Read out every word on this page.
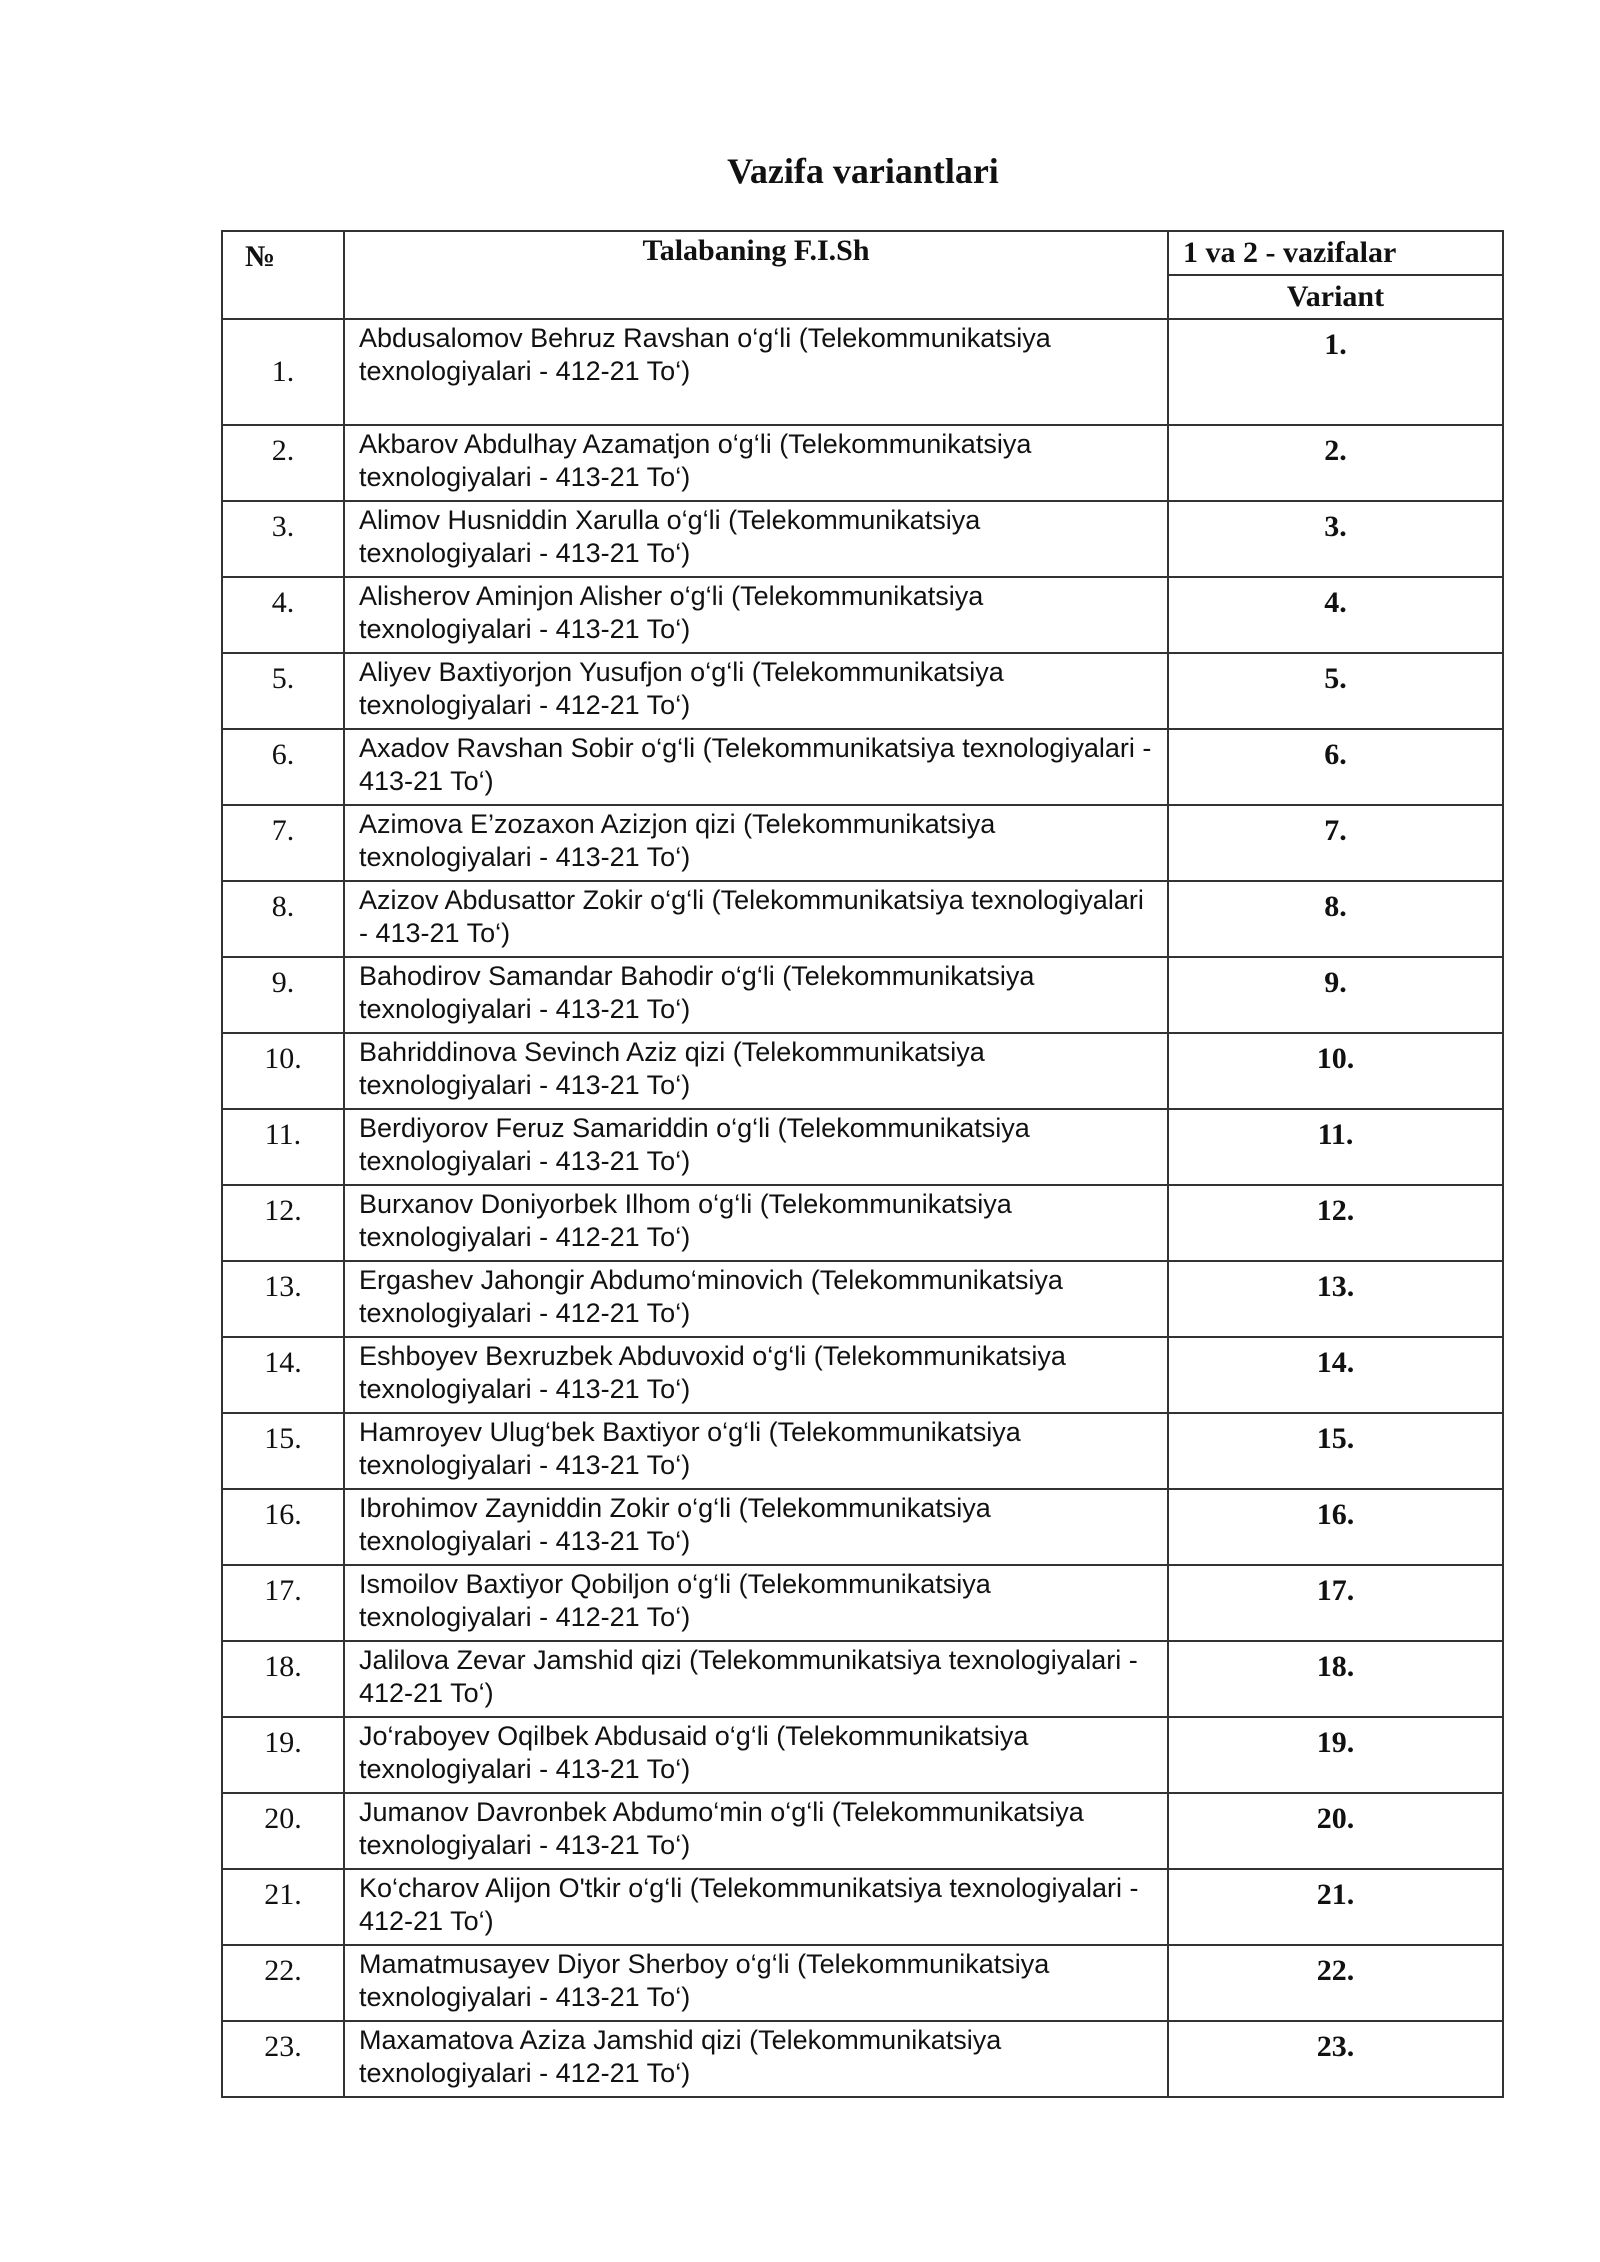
Vazifa variantlari
№	Talabaning F.I.Sh	1 va 2 - vazifalar
		Variant
1.	Abdusalomov Behruz Ravshan o‘g‘li (Telekommunikatsiya texnologiyalari - 412-21 To‘)	1.
2.	Akbarov Abdulhay Azamatjon o‘g‘li (Telekommunikatsiya texnologiyalari - 413-21 To‘)	2.
3.	Alimov Husniddin Xarulla o‘g‘li (Telekommunikatsiya texnologiyalari - 413-21 To‘)	3.
4.	Alisherov Aminjon Alisher o‘g‘li (Telekommunikatsiya texnologiyalari - 413-21 To‘)	4.
5.	Aliyev Baxtiyorjon Yusufjon o‘g‘li (Telekommunikatsiya texnologiyalari - 412-21 To‘)	5.
6.	Axadov Ravshan Sobir o‘g‘li (Telekommunikatsiya texnologiyalari - 413-21 To‘)	6.
7.	Azimova E’zozaxon Azizjon qizi (Telekommunikatsiya texnologiyalari - 413-21 To‘)	7.
8.	Azizov Abdusattor Zokir o‘g‘li (Telekommunikatsiya texnologiyalari - 413-21 To‘)	8.
9.	Bahodirov Samandar Bahodir o‘g‘li (Telekommunikatsiya texnologiyalari - 413-21 To‘)	9.
10.	Bahriddinova Sevinch Aziz qizi (Telekommunikatsiya texnologiyalari - 413-21 To‘)	10.
11.	Berdiyorov Feruz Samariddin o‘g‘li (Telekommunikatsiya texnologiyalari - 413-21 To‘)	11.
12.	Burxanov Doniyorbek Ilhom o‘g‘li (Telekommunikatsiya texnologiyalari - 412-21 To‘)	12.
13.	Ergashev Jahongir Abdumo‘minovich (Telekommunikatsiya texnologiyalari - 412-21 To‘)	13.
14.	Eshboyev Bexruzbek Abduvoxid o‘g‘li (Telekommunikatsiya texnologiyalari - 413-21 To‘)	14.
15.	Hamroyev Ulug‘bek Baxtiyor o‘g‘li (Telekommunikatsiya texnologiyalari - 413-21 To‘)	15.
16.	Ibrohimov Zayniddin Zokir o‘g‘li (Telekommunikatsiya texnologiyalari - 413-21 To‘)	16.
17.	Ismoilov Baxtiyor Qobiljon o‘g‘li (Telekommunikatsiya texnologiyalari - 412-21 To‘)	17.
18.	Jalilova Zevar Jamshid qizi (Telekommunikatsiya texnologiyalari - 412-21 To‘)	18.
19.	Jo‘raboyev Oqilbek Abdusaid o‘g‘li (Telekommunikatsiya texnologiyalari - 413-21 To‘)	19.
20.	Jumanov Davronbek Abdumo‘min o‘g‘li (Telekommunikatsiya texnologiyalari - 413-21 To‘)	20.
21.	Ko‘charov Alijon O'tkir o‘g‘li (Telekommunikatsiya texnologiyalari - 412-21 To‘)	21.
22.	Mamatmusayev Diyor Sherboy o‘g‘li (Telekommunikatsiya texnologiyalari - 413-21 To‘)	22.
23.	Maxamatova Aziza Jamshid qizi (Telekommunikatsiya texnologiyalari - 412-21 To‘)	23.
